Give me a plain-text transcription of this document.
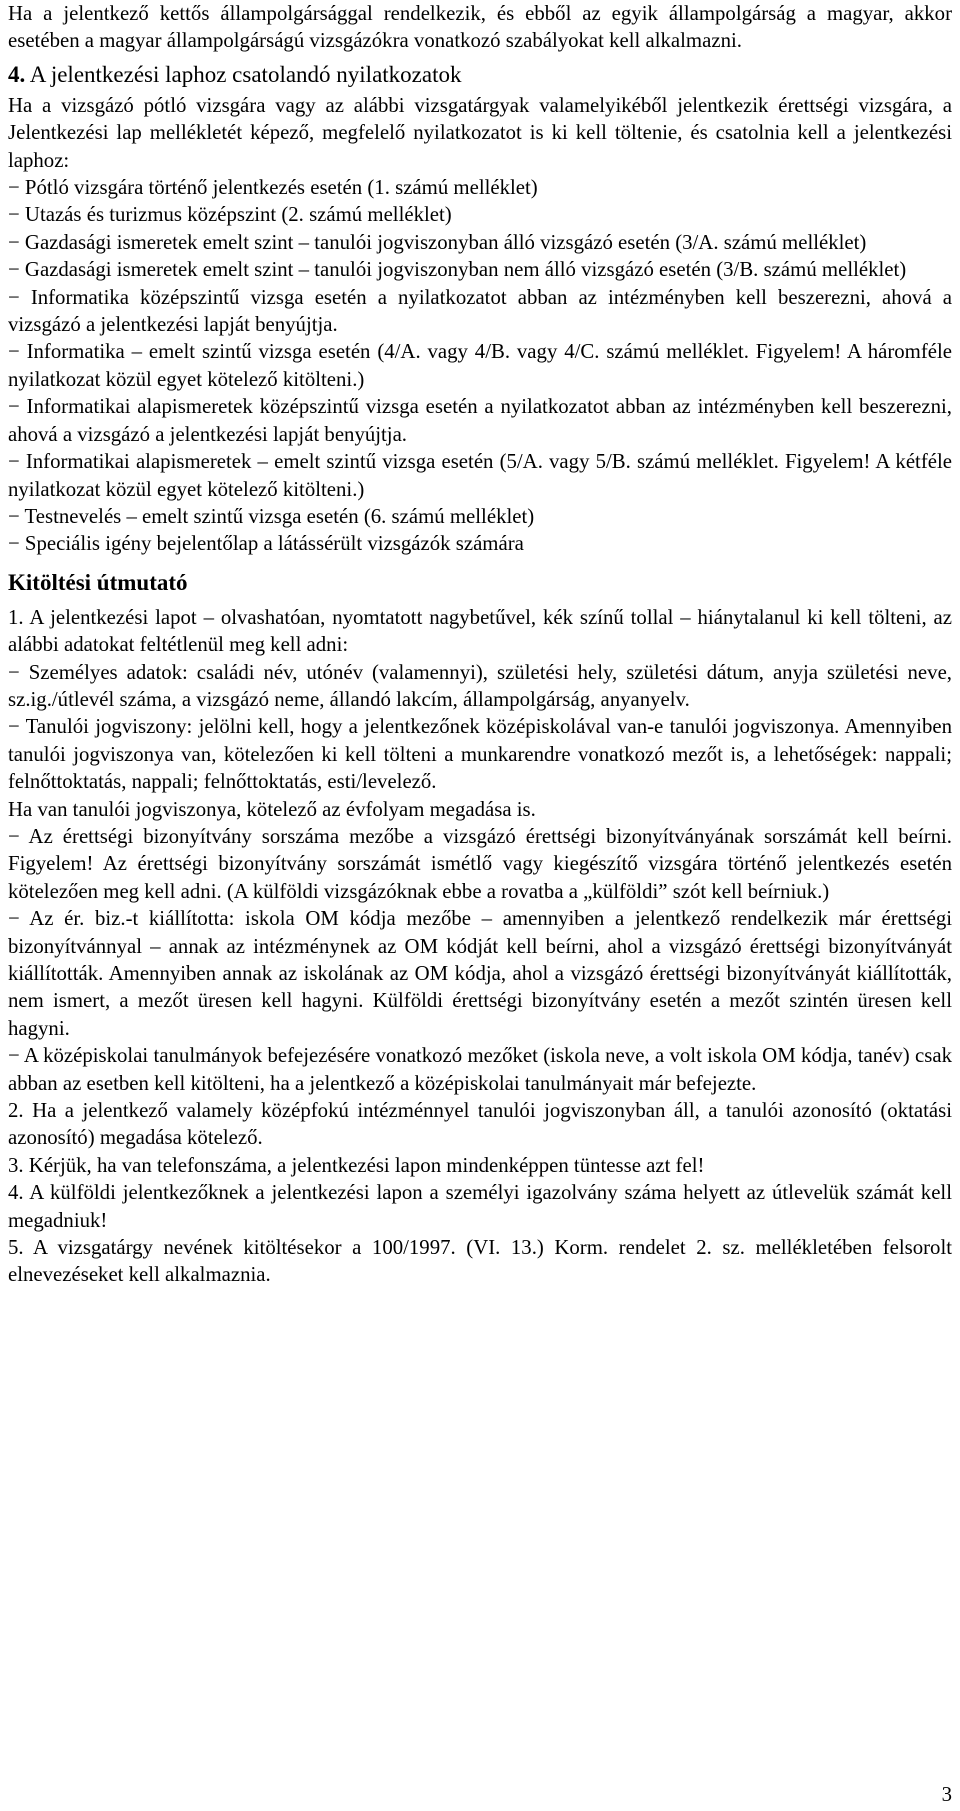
Ha a jelentkező kettős állampolgársággal rendelkezik, és ebből az egyik állampolgárság a magyar, akkor esetében a magyar állampolgárságú vizsgázókra vonatkozó szabályokat kell alkalmazni.

4. A jelentkezési laphoz csatolandó nyilatkozatok

Ha a vizsgázó pótló vizsgára vagy az alábbi vizsgatárgyak valamelyikéből jelentkezik érettségi vizsgára, a Jelentkezési lap mellékletét képező, megfelelő nyilatkozatot is ki kell töltenie, és csatolnia kell a jelentkezési laphoz:

− Pótló vizsgára történő jelentkezés esetén (1. számú melléklet)

− Utazás és turizmus középszint (2. számú melléklet)

− Gazdasági ismeretek emelt szint – tanulói jogviszonyban álló vizsgázó esetén (3/A. számú melléklet)

− Gazdasági ismeretek emelt szint – tanulói jogviszonyban nem álló vizsgázó esetén (3/B. számú melléklet)

− Informatika középszintű vizsga esetén a nyilatkozatot abban az intézményben kell beszerezni, ahová a vizsgázó a jelentkezési lapját benyújtja.

− Informatika – emelt szintű vizsga esetén (4/A. vagy 4/B. vagy 4/C. számú melléklet. Figyelem! A háromféle nyilatkozat közül egyet kötelező kitölteni.)

− Informatikai alapismeretek középszintű vizsga esetén a nyilatkozatot abban az intézményben kell beszerezni, ahová a vizsgázó a jelentkezési lapját benyújtja.

− Informatikai alapismeretek – emelt szintű vizsga esetén (5/A. vagy 5/B. számú melléklet. Figyelem! A kétféle nyilatkozat közül egyet kötelező kitölteni.)

− Testnevelés – emelt szintű vizsga esetén (6. számú melléklet)

− Speciális igény bejelentőlap a látássérült vizsgázók számára

Kitöltési útmutató

1. A jelentkezési lapot – olvashatóan, nyomtatott nagybetűvel, kék színű tollal – hiánytalanul ki kell tölteni, az alábbi adatokat feltétlenül meg kell adni:

− Személyes adatok: családi név, utónév (valamennyi), születési hely, születési dátum, anyja születési neve, sz.ig./útlevél száma, a vizsgázó neme, állandó lakcím, állampolgárság, anyanyelv.

− Tanulói jogviszony: jelölni kell, hogy a jelentkezőnek középiskolával van-e tanulói jogviszonya. Amennyiben tanulói jogviszonya van, kötelezően ki kell tölteni a munkarendre vonatkozó mezőt is, a lehetőségek: nappali; felnőttoktatás, nappali; felnőttoktatás, esti/levelező.

Ha van tanulói jogviszonya, kötelező az évfolyam megadása is.

− Az érettségi bizonyítvány sorszáma mezőbe a vizsgázó érettségi bizonyítványának sorszámát kell beírni. Figyelem! Az érettségi bizonyítvány sorszámát ismétlő vagy kiegészítő vizsgára történő jelentkezés esetén kötelezően meg kell adni. (A külföldi vizsgázóknak ebbe a rovatba a „külföldi” szót kell beírniuk.)

− Az ér. biz.-t kiállította: iskola OM kódja mezőbe – amennyiben a jelentkező rendelkezik már érettségi bizonyítvánnyal – annak az intézménynek az OM kódját kell beírni, ahol a vizsgázó érettségi bizonyítványát kiállították. Amennyiben annak az iskolának az OM kódja, ahol a vizsgázó érettségi bizonyítványát kiállították, nem ismert, a mezőt üresen kell hagyni. Külföldi érettségi bizonyítvány esetén a mezőt szintén üresen kell hagyni.

− A középiskolai tanulmányok befejezésére vonatkozó mezőket (iskola neve, a volt iskola OM kódja, tanév) csak abban az esetben kell kitölteni, ha a jelentkező a középiskolai tanulmányait már befejezte.

2. Ha a jelentkező valamely középfokú intézménnyel tanulói jogviszonyban áll, a tanulói azonosító (oktatási azonosító) megadása kötelező.

3. Kérjük, ha van telefonszáma, a jelentkezési lapon mindenképpen tüntesse azt fel!

4. A külföldi jelentkezőknek a jelentkezési lapon a személyi igazolvány száma helyett az útlevelük számát kell megadniuk!

5. A vizsgatárgy nevének kitöltésekor a 100/1997. (VI. 13.) Korm. rendelet 2. sz. mellékletében felsorolt elnevezéseket kell alkalmaznia.

3
